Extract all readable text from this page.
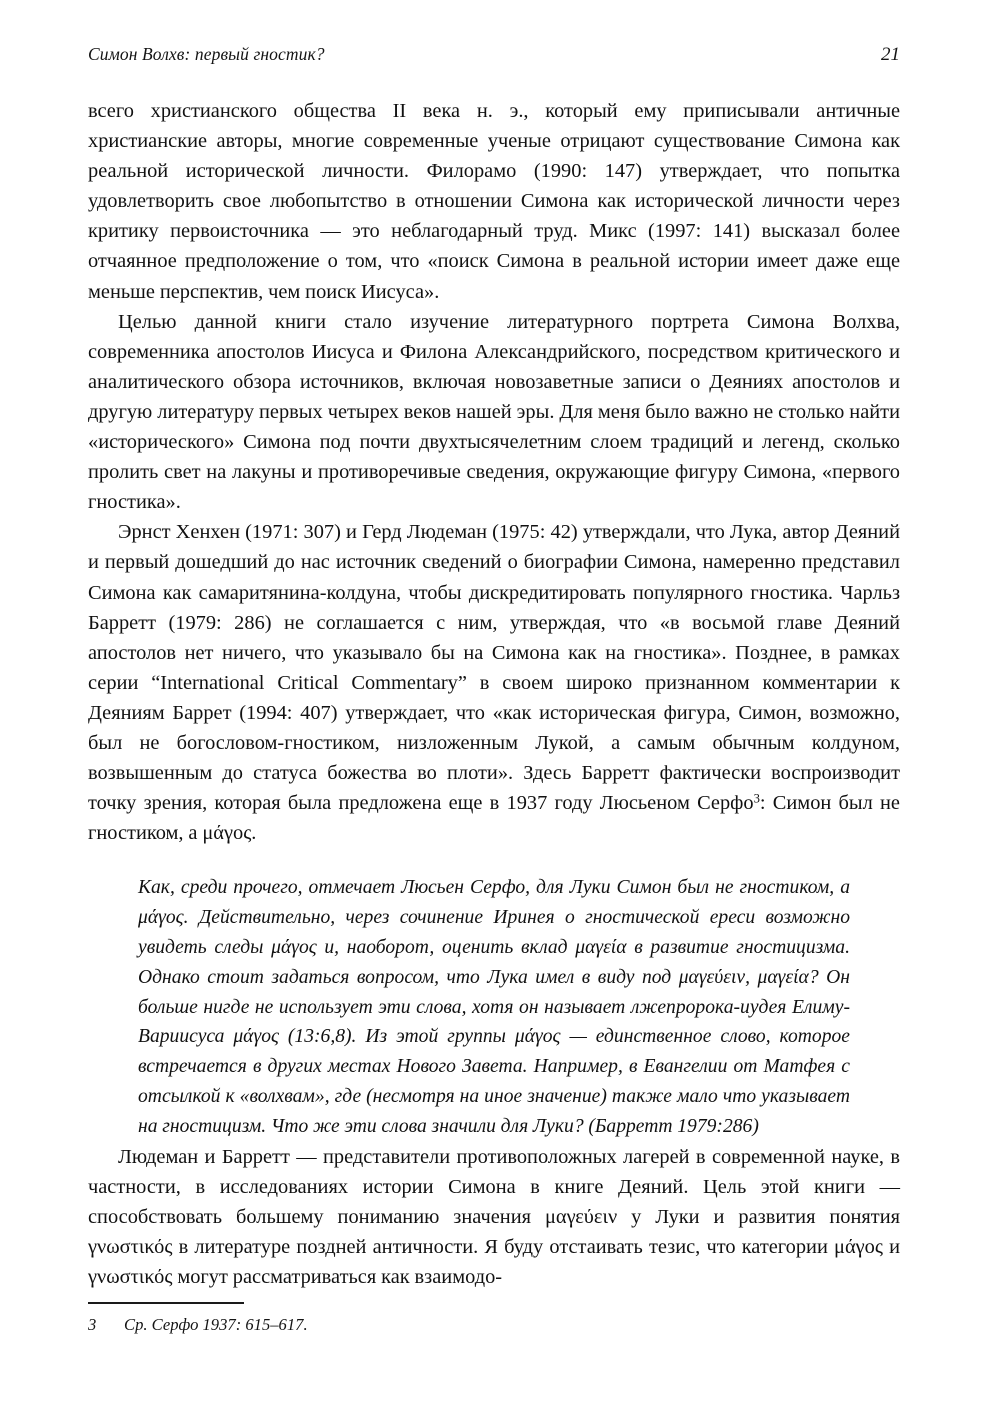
Симон Волхв: первый гностик?	21

всего христианского общества II века н. э., который ему приписывали античные христианские авторы, многие современные ученые отрицают существование Симона как реальной исторической личности. Филорамо (1990: 147) утверждает, что попытка удовлетворить свое любопытство в отношении Симона как исторической личности через критику первоисточника — это неблагодарный труд. Микс (1997: 141) высказал более отчаянное предположение о том, что «поиск Симона в реальной истории имеет даже еще меньше перспектив, чем поиск Иисуса».

Целью данной книги стало изучение литературного портрета Симона Волхва, современника апостолов Иисуса и Филона Александрийского, посредством критического и аналитического обзора источников, включая новозаветные записи о Деяниях апостолов и другую литературу первых четырех веков нашей эры. Для меня было важно не столько найти «исторического» Симона под почти двухтысячелетним слоем традиций и легенд, сколько пролить свет на лакуны и противоречивые сведения, окружающие фигуру Симона, «первого гностика».

Эрнст Хенхен (1971: 307) и Герд Людеман (1975: 42) утверждали, что Лука, автор Деяний и первый дошедший до нас источник сведений о биографии Симона, намеренно представил Симона как самаритянина-колдуна, чтобы дискредитировать популярного гностика. Чарльз Барретт (1979: 286) не соглашается с ним, утверждая, что «в восьмой главе Деяний апостолов нет ничего, что указывало бы на Симона как на гностика». Позднее, в рамках серии “International Critical Commentary” в своем широко признанном комментарии к Деяниям Баррет (1994: 407) утверждает, что «как историческая фигура, Симон, возможно, был не богословом-гностиком, низложенным Лукой, а самым обычным колдуном, возвышенным до статуса божества во плоти». Здесь Барретт фактически воспроизводит точку зрения, которая была предложена еще в 1937 году Люсьеном Серфо$^3$: Симон был не гностиком, а μάγος.

Как, среди прочего, отмечает Люсьен Серфо, для Луки Симон был не гностиком, а μάγος. Действительно, через сочинение Иринея о гностической ереси возможно увидеть следы μάγος и, наоборот, оценить вклад μαγεία в развитие гностицизма. Однако стоит задаться вопросом, что Лука имел в виду под μαγεύειν, μαγεία? Он больше нигде не использует эти слова, хотя он называет лжепророка-иудея Елиму-Вариисуса μάγος (13:6,8). Из этой группы μάγος — единственное слово, которое встречается в других местах Нового Завета. Например, в Евангелии от Матфея с отсылкой к «волхвам», где (несмотря на иное значение) также мало что указывает на гностицизм. Что же эти слова значили для Луки? (Барретт 1979:286)

Людеман и Барретт — представители противоположных лагерей в современной науке, в частности, в исследованиях истории Симона в книге Деяний. Цель этой книги — способствовать большему пониманию значения μαγεύειν у Луки и развития понятия γνωστικός в литературе поздней античности. Я буду отстаивать тезис, что категории μάγος и γνωστικός могут рассматриваться как взаимодо-

3	Ср. Серфо 1937: 615–617.
